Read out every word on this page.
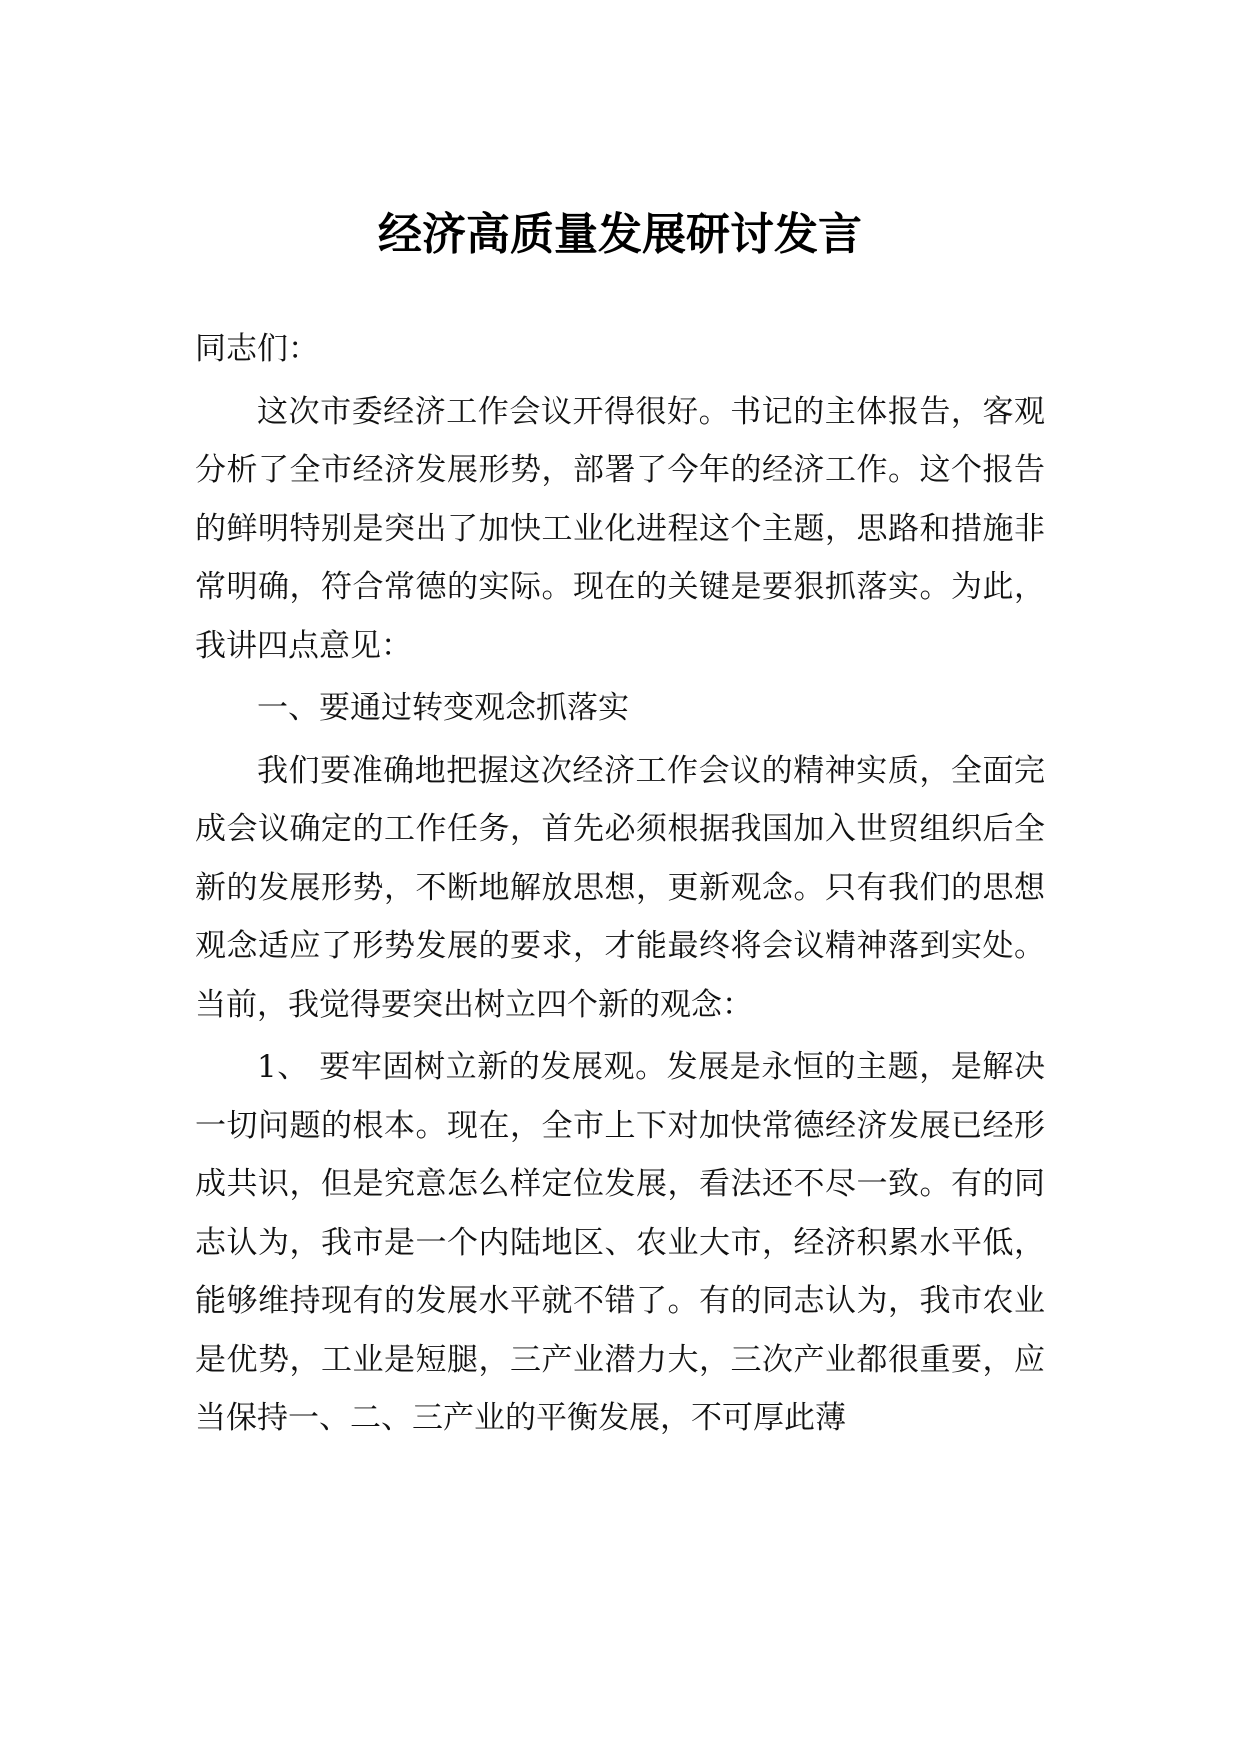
经济高质量发展研讨发言

同志们：

这次市委经济工作会议开得很好。书记的主体报告，客观分析了全市经济发展形势，部署了今年的经济工作。这个报告的鲜明特别是突出了加快工业化进程这个主题，思路和措施非常明确，符合常德的实际。现在的关键是要狠抓落实。为此，我讲四点意见：

一、要通过转变观念抓落实

我们要准确地把握这次经济工作会议的精神实质，全面完成会议确定的工作任务，首先必须根据我国加入世贸组织后全新的发展形势，不断地解放思想，更新观念。只有我们的思想观念适应了形势发展的要求，才能最终将会议精神落到实处。当前，我觉得要突出树立四个新的观念：

1、 要牢固树立新的发展观。发展是永恒的主题，是解决一切问题的根本。现在，全市上下对加快常德经济发展已经形成共识，但是究意怎么样定位发展，看法还不尽一致。有的同志认为，我市是一个内陆地区、农业大市，经济积累水平低，能够维持现有的发展水平就不错了。有的同志认为，我市农业是优势，工业是短腿，三产业潜力大，三次产业都很重要，应当保持一、二、三产业的平衡发展，不可厚此薄
